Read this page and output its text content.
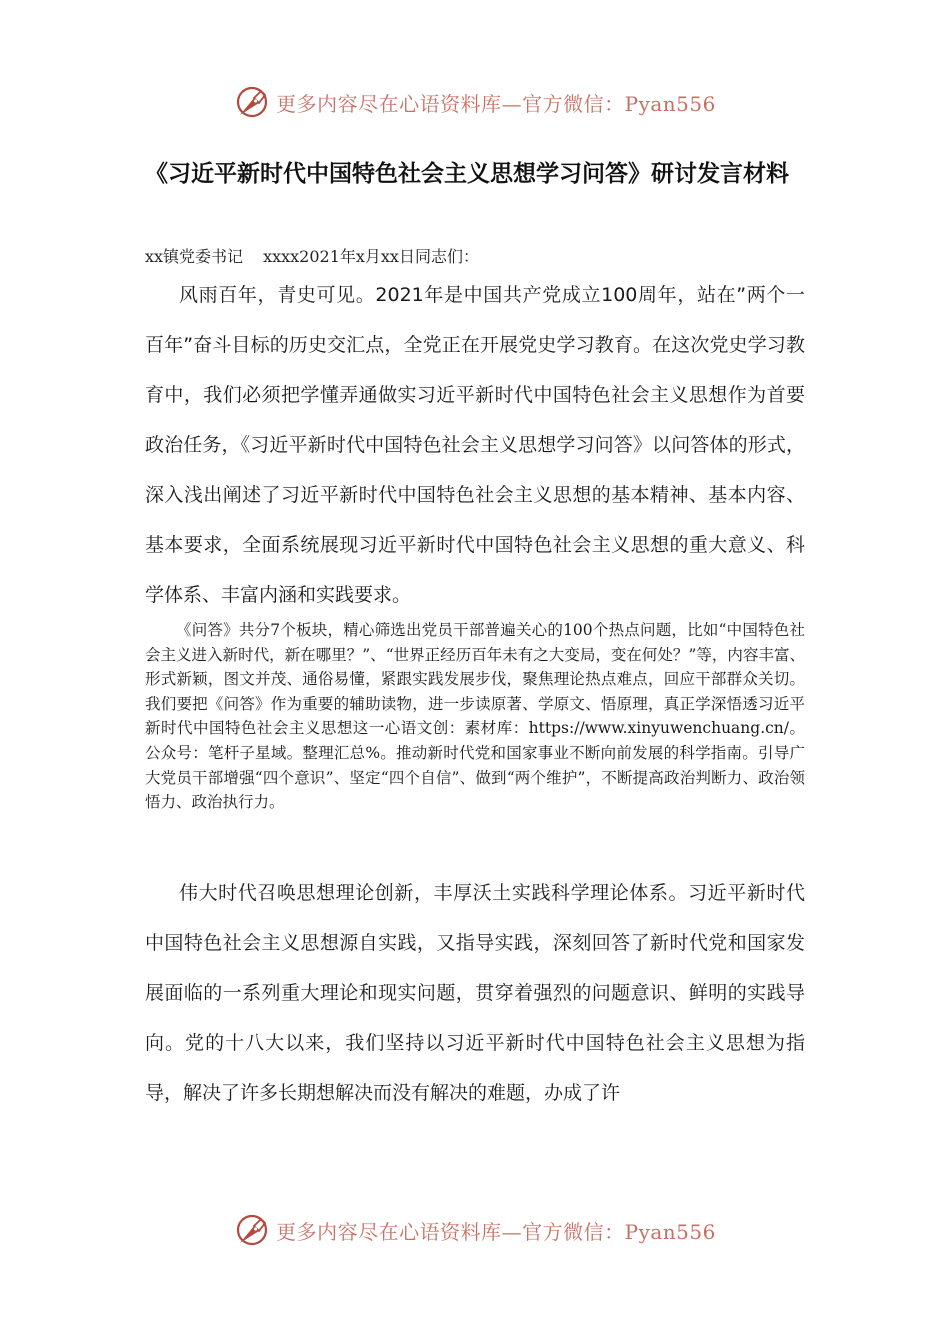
更多内容尽在心语资料库—官方微信：Pyan556
《习近平新时代中国特色社会主义思想学习问答》研讨发言材料
xx镇党委书记 xxxx2021年x月xx日同志们：

风雨百年，青史可见。2021年是中国共产党成立100周年，站在”两个一百年”奋斗目标的历史交汇点，全党正在开展党史学习教育。在这次党史学习教育中，我们必须把学懂弄通做实习近平新时代中国特色社会主义思想作为首要政治任务，《习近平新时代中国特色社会主义思想学习问答》以问答体的形式，深入浅出阐述了习近平新时代中国特色社会主义思想的基本精神、基本内容、基本要求，全面系统展现习近平新时代中国特色社会主义思想的重大意义、科学体系、丰富内涵和实践要求。

《问答》共分7个板块，精心筛选出党员干部普遍关心的100个热点问题，比如“中国特色社会主义进入新时代，新在哪里？”、“世界正经历百年未有之大变局，变在何处？”等，内容丰富、形式新颖，图文并茂、通俗易懂，紧跟实践发展步伐，聚焦理论热点难点，回应干部群众关切。我们要把《问答》作为重要的辅助读物，进一步读原著、学原文、悟原理，真正学深悟透习近平新时代中国特色社会主义思想这一心语文创：素材库：https://www.xinyuwenchuang.cn/。公众号：笔杆子星域。整理汇总%。推动新时代党和国家事业不断向前发展的科学指南。引导广大党员干部增强“四个意识”、坚定“四个自信”、做到“两个维护”，不断提高政治判断力、政治领悟力、政治执行力。

伟大时代召唤思想理论创新，丰厚沃土实践科学理论体系。习近平新时代中国特色社会主义思想源自实践，又指导实践，深刻回答了新时代党和国家发展面临的一系列重大理论和现实问题，贯穿着强烈的问题意识、鲜明的实践导向。党的十八大以来，我们坚持以习近平新时代中国特色社会主义思想为指导，解决了许多长期想解决而没有解决的难题，办成了许

更多内容尽在心语资料库—官方微信：Pyan556
